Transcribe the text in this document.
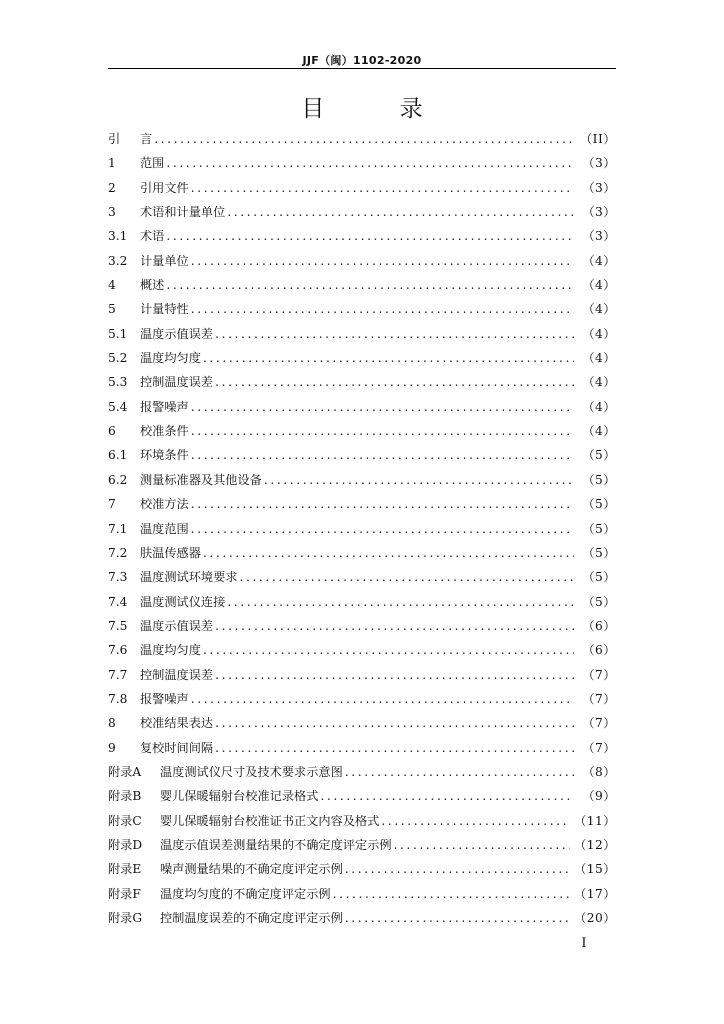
JJF（闽）1102-2020
目 录
引	言 .....	（II）
1	范围 .....	（3）
2	引用文件 .....	（3）
3	术语和计量单位 .....	（3）
3.1	术语 .....	（3）
3.2	计量单位 .....	（4）
4	概述 .....	（4）
5	计量特性 .....	（4）
5.1	温度示值误差 .....	（4）
5.2	温度均匀度 .....	（4）
5.3	控制温度误差 .....	（4）
5.4	报警噪声 .....	（4）
6	校准条件 .....	（4）
6.1	环境条件 .....	（5）
6.2	测量标准器及其他设备 .....	（5）
7	校准方法 .....	（5）
7.1	温度范围 .....	（5）
7.2	肤温传感器 .....	（5）
7.3	温度测试环境要求 .....	（5）
7.4	温度测试仪连接 .....	（5）
7.5	温度示值误差 .....	（6）
7.6	温度均匀度 .....	（6）
7.7	控制温度误差 .....	（7）
7.8	报警噪声 .....	（7）
8	校准结果表达 .....	（7）
9	复校时间间隔 .....	（7）
附录A	温度测试仪尺寸及技术要求示意图 .....	（8）
附录B	婴儿保暖辐射台校准记录格式 .....	（9）
附录C	婴儿保暖辐射台校准证书正文内容及格式 .....	（11）
附录D	温度示值误差测量结果的不确定度评定示例 .....	（12）
附录E	噪声测量结果的不确定度评定示例 .....	（15）
附录F	温度均匀度的不确定度评定示例 .....	（17）
附录G	控制温度误差的不确定度评定示例 .....	（20）
I
